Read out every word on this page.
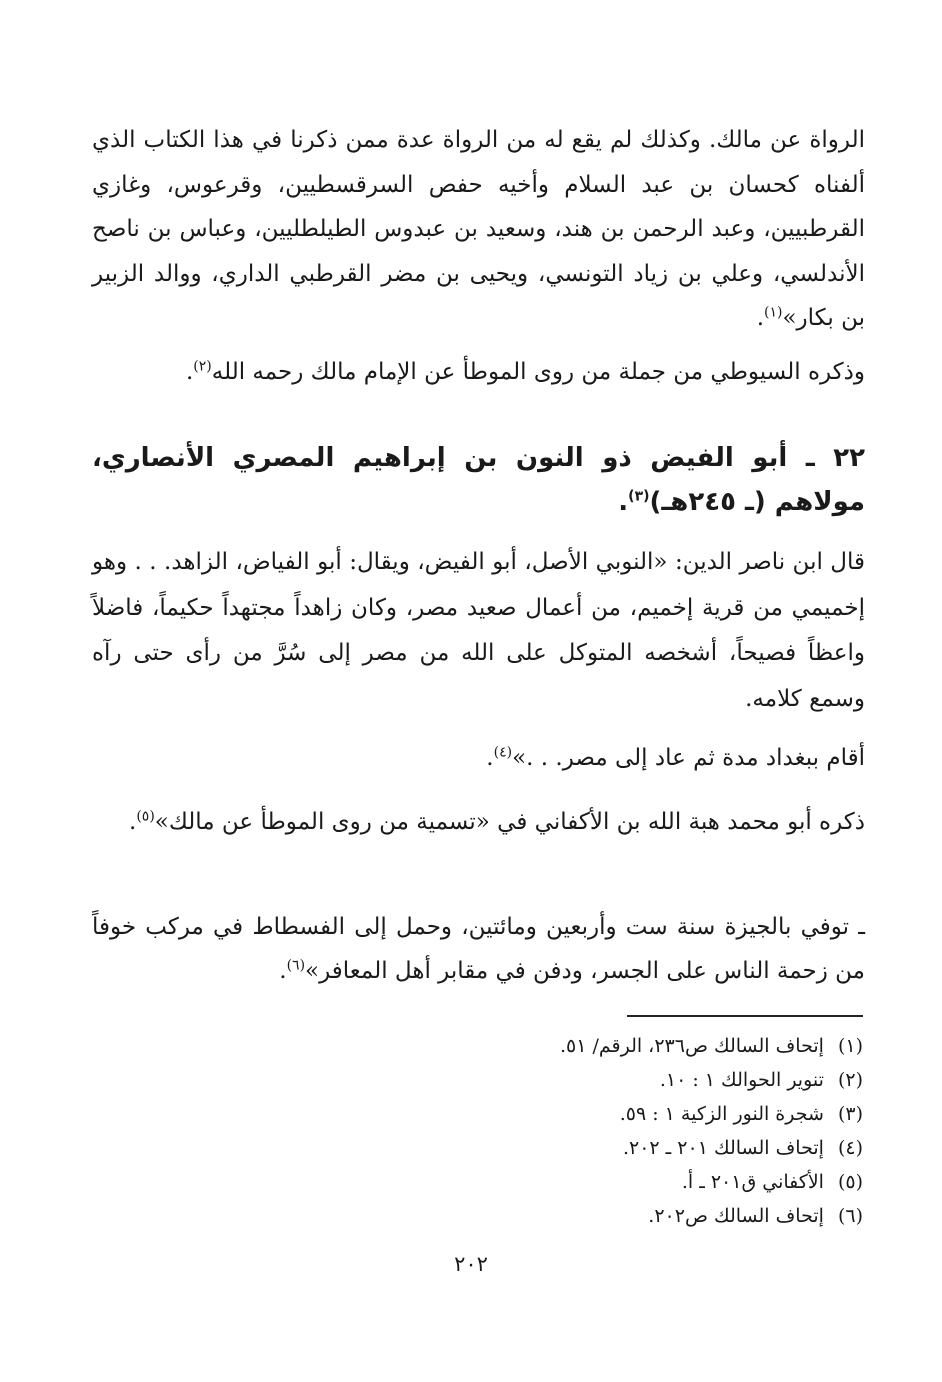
الرواة عن مالك. وكذلك لم يقع له من الرواة عدة ممن ذكرنا في هذا الكتاب الذي ألفناه كحسان بن عبد السلام وأخيه حفص السرقسطيين، وقرعوس، وغازي القرطبيين، وعبد الرحمن بن هند، وسعيد بن عبدوس الطيلطليين، وعباس بن ناصح الأندلسي، وعلي بن زياد التونسي، ويحيى بن مضر القرطبي الداري، ووالد الزبير بن بكار»$^{(١)}$.
وذكره السيوطي من جملة من روى الموطأ عن الإمام مالك رحمه الله$^{(٢)}$.
٢٢ ـ أبو الفيض ذو النون بن إبراهيم المصري الأنصاري، مولاهم (ـ ٢٤٥هـ)$^{(٣)}$.
قال ابن ناصر الدين: «النوبي الأصل، أبو الفيض، ويقال: أبو الفياض، الزاهد. . . وهو إخميمي من قرية إخميم، من أعمال صعيد مصر، وكان زاهداً مجتهداً حكيماً، فاضلاً واعظاً فصيحاً، أشخصه المتوكل على الله من مصر إلى سُرَّ من رأى حتى رآه وسمع كلامه.
أقام ببغداد مدة ثم عاد إلى مصر. . .»$^{(٤)}$.
ذكره أبو محمد هبة الله بن الأكفاني في «تسمية من روى الموطأ عن مالك»$^{(٥)}$.
ـ توفي بالجيزة سنة ست وأربعين ومائتين، وحمل إلى الفسطاط في مركب خوفاً من زحمة الناس على الجسر، ودفن في مقابر أهل المعافر»$^{(٦)}$.
(١)إتحاف السالك ص٢٣٦، الرقم/ ٥١.
(٢)تنوير الحوالك ١ : ١٠.
(٣)شجرة النور الزكية ١ : ٥٩.
(٤)إتحاف السالك ٢٠١ ـ ٢٠٢.
(٥)الأكفاني ق٢٠١ ـ أ.
(٦)إتحاف السالك ص٢٠٢.
٢٠٢
